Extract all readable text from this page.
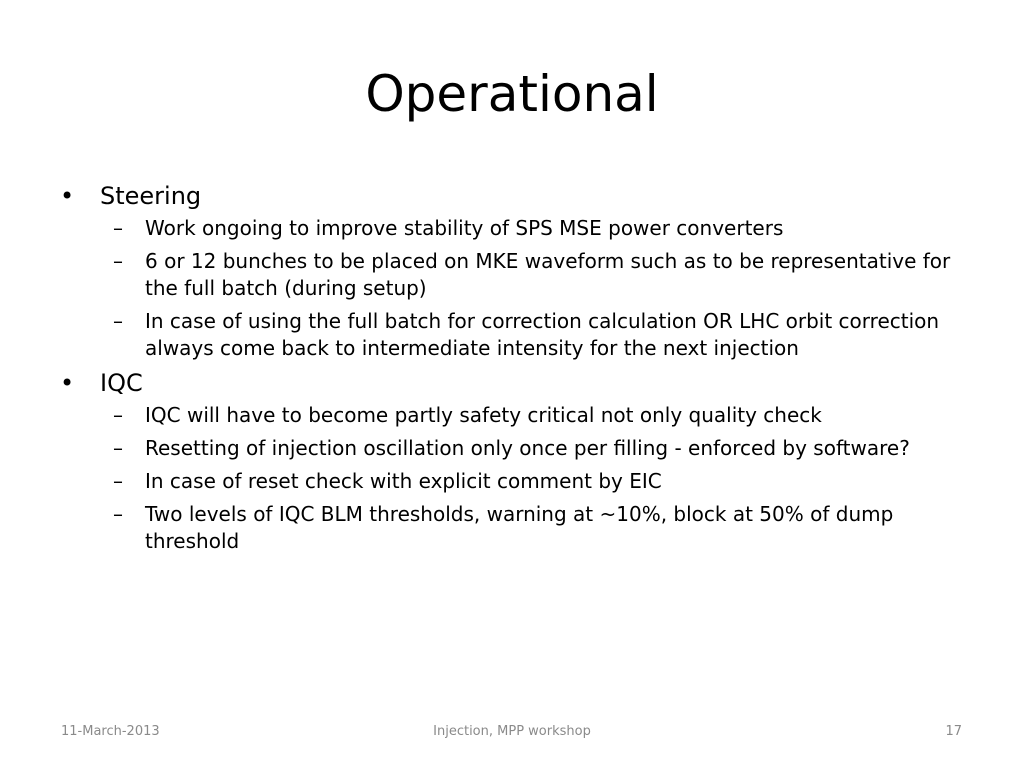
Operational
• Steering
– Work ongoing to improve stability of SPS MSE power converters
– 6 or 12 bunches to be placed on MKE waveform such as to be representative for the full batch (during setup)
– In case of using the full batch for correction calculation OR LHC orbit correction always come back to intermediate intensity for the next injection
• IQC
– IQC will have to become partly safety critical not only quality check
– Resetting of injection oscillation only once per filling - enforced by software?
– In case of reset check with explicit comment by EIC
– Two levels of IQC BLM thresholds, warning at ~10%, block at 50% of dump threshold
11-March-2013	Injection, MPP workshop	17
